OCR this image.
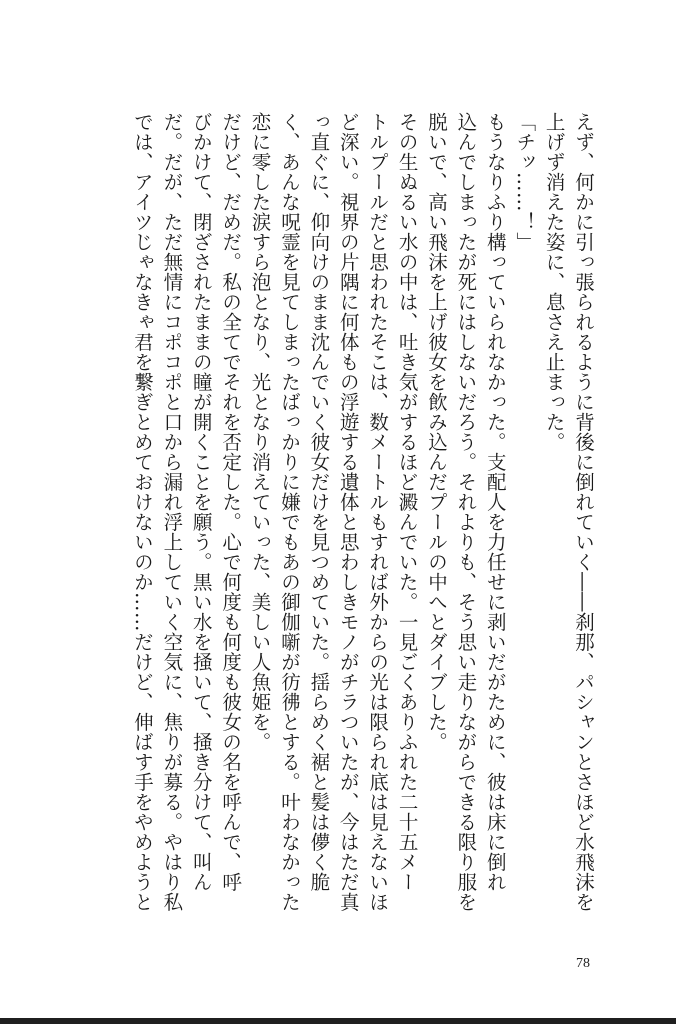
えず、何かに引っ張られるように背後に倒れていく――刹那、パシャンとさほど水飛沫を
上げず消えた姿に、息さえ止まった。
「チッ……！」
もうなりふり構っていられなかった。支配人を力任せに剥いだがために、彼は床に倒れ
込んでしまったが死にはしないだろう。それよりも、そう思い走りながらできる限り服を
脱いで、高い飛沫を上げ彼女を飲み込んだプールの中へとダイブした。
その生ぬるい水の中は、吐き気がするほど澱んでいた。一見ごくありふれた二十五メー
トルプールだと思われたそこは、数メートルもすれば外からの光は限られ底は見えないほ
ど深い。視界の片隅に何体もの浮遊する遺体と思わしきモノがチラついたが、今はただ真
っ直ぐに、仰向けのまま沈んでいく彼女だけを見つめていた。揺らめく裾と髪は儚く脆
く、あんな呪霊を見てしまったばっかりに嫌でもあの御伽噺が彷彿とする。叶わなかった
恋に零した涙すら泡となり、光となり消えていった、美しい人魚姫を。
だけど、だめだ。私の全てでそれを否定した。心で何度も何度も彼女の名を呼んで、呼
びかけて、閉ざされたままの瞳が開くことを願う。黒い水を掻いて、掻き分けて、叫ん
だ。だが、ただ無情にコポコポと口から漏れ浮上していく空気に、焦りが募る。やはり私
では、アイツじゃなきゃ君を繋ぎとめておけないのか……だけど、伸ばす手をやめようと
78
